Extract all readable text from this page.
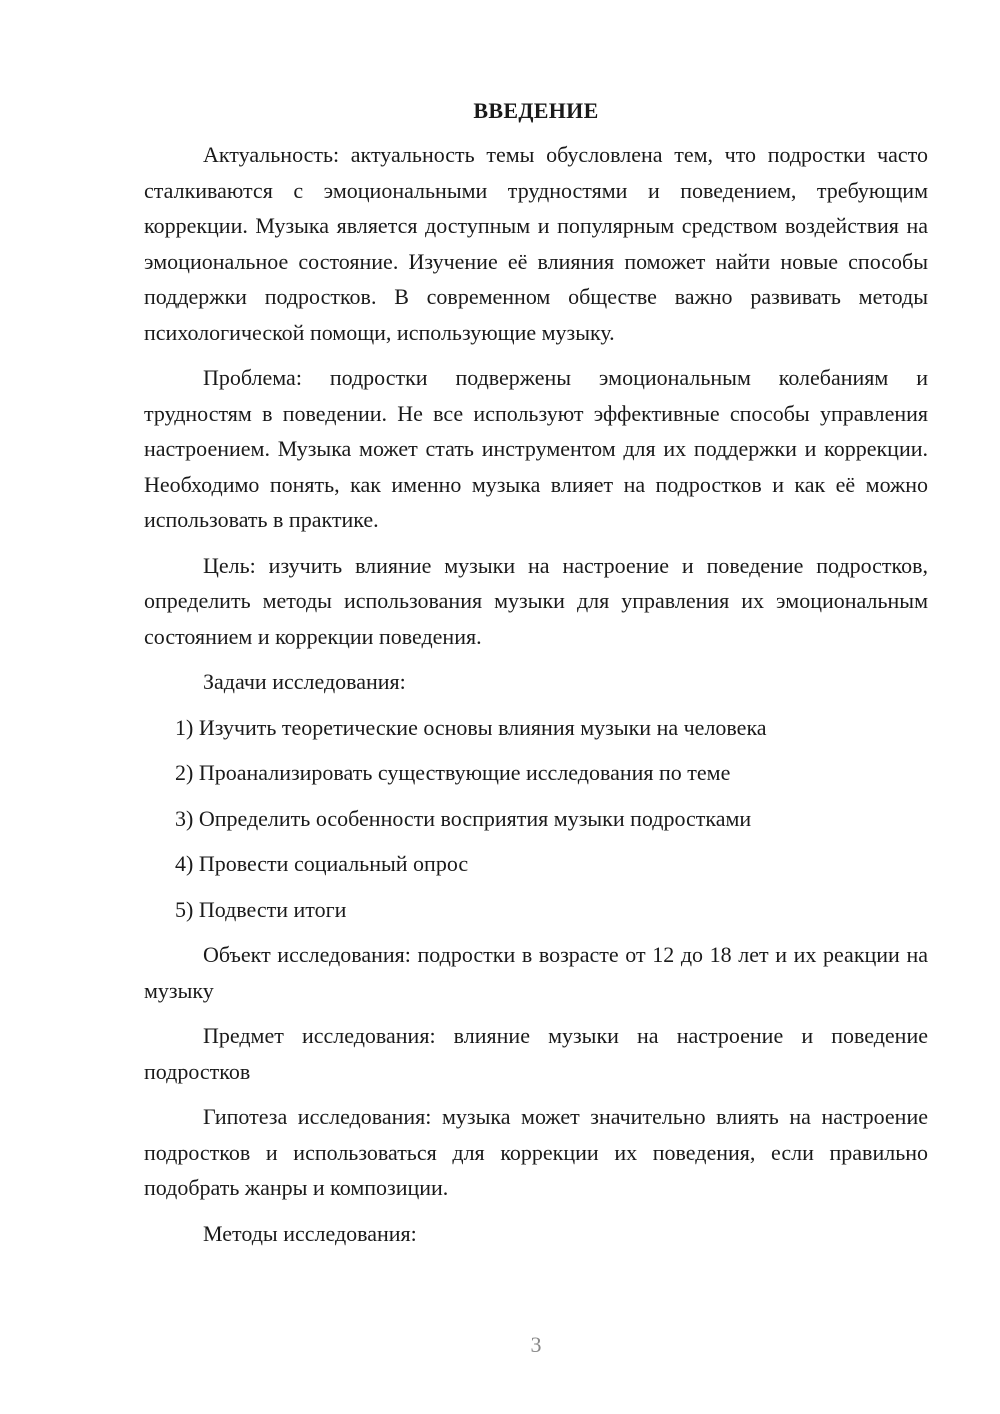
ВВЕДЕНИЕ

Актуальность: актуальность темы обусловлена тем, что подростки часто сталкиваются с эмоциональными трудностями и поведением, требующим коррекции. Музыка является доступным и популярным средством воздействия на эмоциональное состояние. Изучение её влияния поможет найти новые способы поддержки подростков. В современном обществе важно развивать методы психологической помощи, использующие музыку.

Проблема: подростки подвержены эмоциональным колебаниям и трудностям в поведении. Не все используют эффективные способы управления настроением. Музыка может стать инструментом для их поддержки и коррекции. Необходимо понять, как именно музыка влияет на подростков и как её можно использовать в практике.

Цель: изучить влияние музыки на настроение и поведение подростков, определить методы использования музыки для управления их эмоциональным состоянием и коррекции поведения.

Задачи исследования:

1) Изучить теоретические основы влияния музыки на человека
2) Проанализировать существующие исследования по теме
3) Определить особенности восприятия музыки подростками
4) Провести социальный опрос
5) Подвести итоги

Объект исследования: подростки в возрасте от 12 до 18 лет и их реакции на музыку

Предмет исследования: влияние музыки на настроение и поведение подростков

Гипотеза исследования: музыка может значительно влиять на настроение подростков и использоваться для коррекции их поведения, если правильно подобрать жанры и композиции.

Методы исследования:

3
